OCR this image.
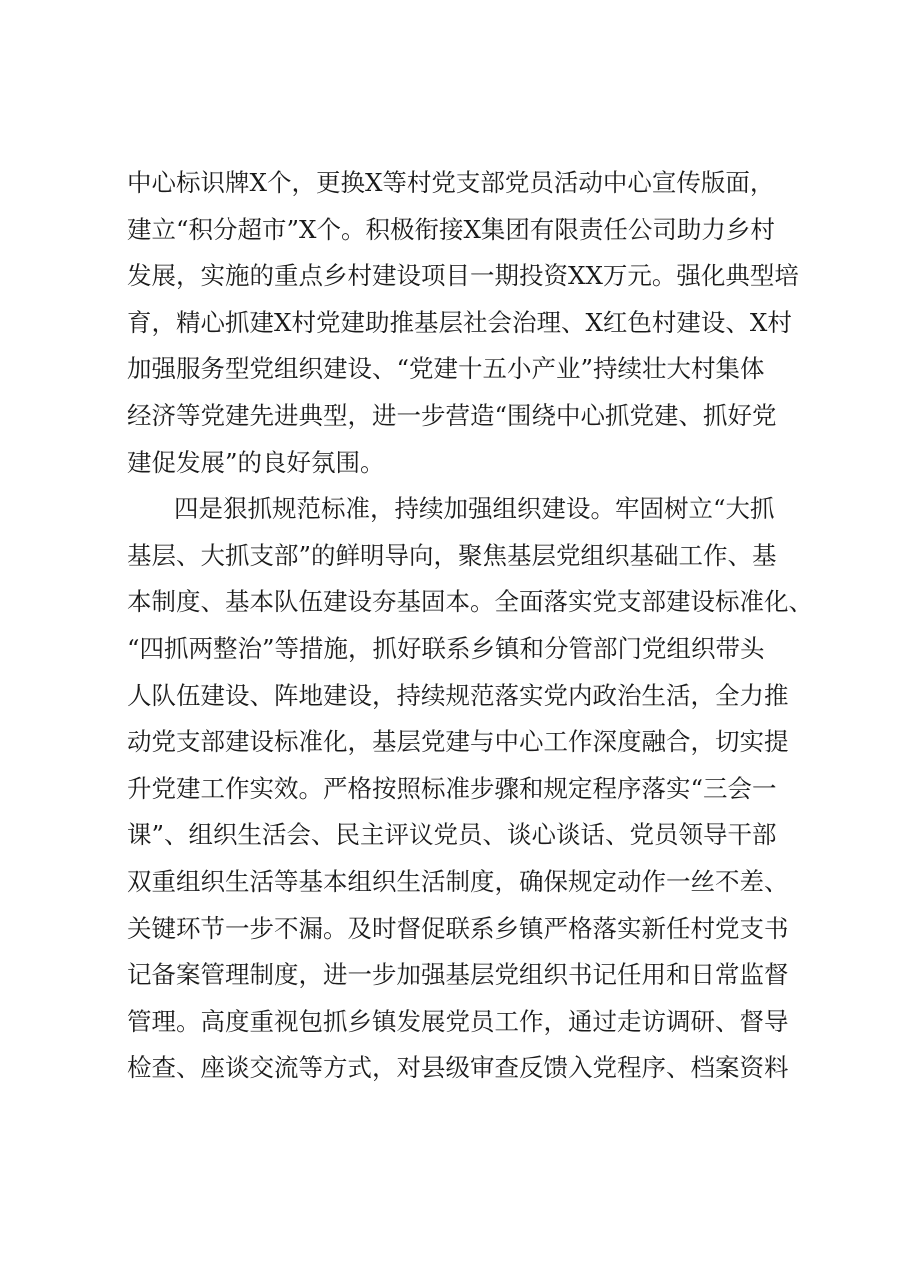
中心标识牌X个，更换X等村党支部党员活动中心宣传版面，
建立“积分超市”X个。积极衔接X集团有限责任公司助力乡村
发展，实施的重点乡村建设项目一期投资XX万元。强化典型培
育，精心抓建X村党建助推基层社会治理、X红色村建设、X村
加强服务型党组织建设、“党建十五小产业”持续壮大村集体
经济等党建先进典型，进一步营造“围绕中心抓党建、抓好党
建促发展”的良好氛围。
四是狠抓规范标准，持续加强组织建设。牢固树立“大抓
基层、大抓支部”的鲜明导向，聚焦基层党组织基础工作、基
本制度、基本队伍建设夯基固本。全面落实党支部建设标准化、
“四抓两整治”等措施，抓好联系乡镇和分管部门党组织带头
人队伍建设、阵地建设，持续规范落实党内政治生活，全力推
动党支部建设标准化，基层党建与中心工作深度融合，切实提
升党建工作实效。严格按照标准步骤和规定程序落实“三会一
课”、组织生活会、民主评议党员、谈心谈话、党员领导干部
双重组织生活等基本组织生活制度，确保规定动作一丝不差、
关键环节一步不漏。及时督促联系乡镇严格落实新任村党支书
记备案管理制度，进一步加强基层党组织书记任用和日常监督
管理。高度重视包抓乡镇发展党员工作，通过走访调研、督导
检查、座谈交流等方式，对县级审查反馈入党程序、档案资料
